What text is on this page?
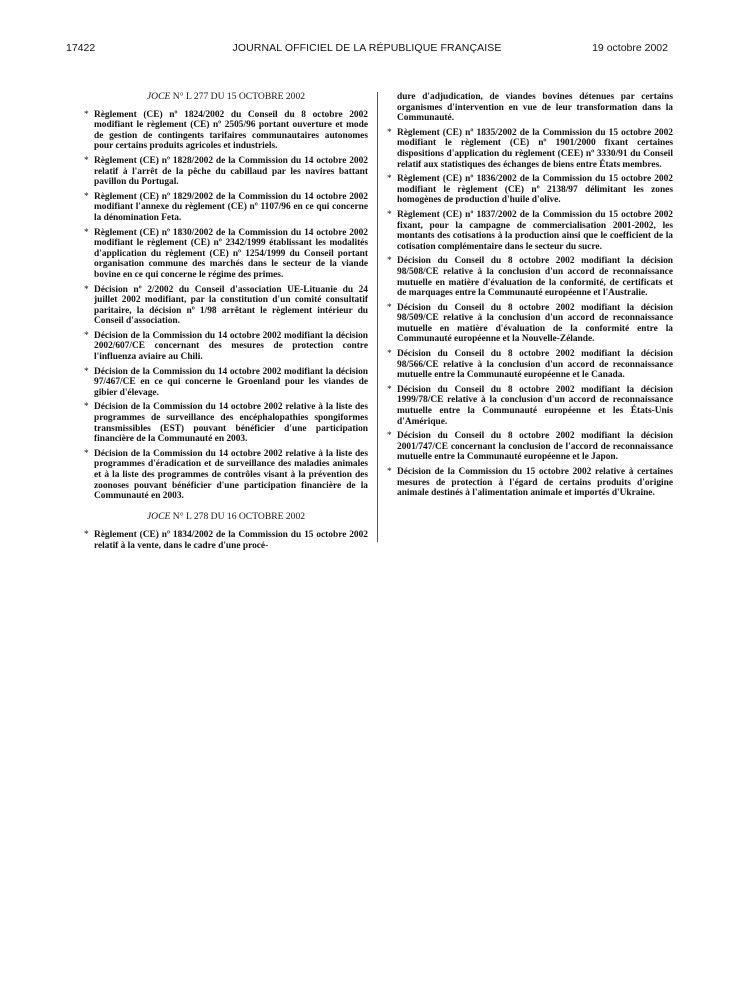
17422	JOURNAL OFFICIEL DE LA RÉPUBLIQUE FRANÇAISE	19 octobre 2002
JOCE N° L 277 DU 15 OCTOBRE 2002
* Règlement (CE) nº 1824/2002 du Conseil du 8 octobre 2002 modifiant le règlement (CE) nº 2505/96 portant ouverture et mode de gestion de contingents tarifaires communautaires autonomes pour certains produits agricoles et industriels.
* Règlement (CE) nº 1828/2002 de la Commission du 14 octobre 2002 relatif à l'arrêt de la pêche du cabillaud par les navires battant pavillon du Portugal.
* Règlement (CE) nº 1829/2002 de la Commission du 14 octobre 2002 modifiant l'annexe du règlement (CE) nº 1107/96 en ce qui concerne la dénomination Feta.
* Règlement (CE) nº 1830/2002 de la Commission du 14 octobre 2002 modifiant le règlement (CE) nº 2342/1999 établissant les modalités d'application du règlement (CE) nº 1254/1999 du Conseil portant organisation commune des marchés dans le secteur de la viande bovine en ce qui concerne le régime des primes.
* Décision nº 2/2002 du Conseil d'association UE-Lituanie du 24 juillet 2002 modifiant, par la constitution d'un comité consultatif paritaire, la décision nº 1/98 arrêtant le règlement intérieur du Conseil d'association.
* Décision de la Commission du 14 octobre 2002 modifiant la décision 2002/607/CE concernant des mesures de protection contre l'influenza aviaire au Chili.
* Décision de la Commission du 14 octobre 2002 modifiant la décision 97/467/CE en ce qui concerne le Groenland pour les viandes de gibier d'élevage.
* Décision de la Commission du 14 octobre 2002 relative à la liste des programmes de surveillance des encéphalopathies spongiformes transmissibles (EST) pouvant bénéficier d'une participation financière de la Communauté en 2003.
* Décision de la Commission du 14 octobre 2002 relative à la liste des programmes d'éradication et de surveillance des maladies animales et à la liste des programmes de contrôles visant à la prévention des zoonoses pouvant bénéficier d'une participation financière de la Communauté en 2003.
JOCE N° L 278 DU 16 OCTOBRE 2002
* Règlement (CE) nº 1834/2002 de la Commission du 15 octobre 2002 relatif à la vente, dans le cadre d'une procé-
dure d'adjudication, de viandes bovines détenues par certains organismes d'intervention en vue de leur transformation dans la Communauté.
* Règlement (CE) nº 1835/2002 de la Commission du 15 octobre 2002 modifiant le règlement (CE) nº 1901/2000 fixant certaines dispositions d'application du règlement (CEE) nº 3330/91 du Conseil relatif aux statistiques des échanges de biens entre États membres.
* Règlement (CE) nº 1836/2002 de la Commission du 15 octobre 2002 modifiant le règlement (CE) nº 2138/97 délimitant les zones homogènes de production d'huile d'olive.
* Règlement (CE) nº 1837/2002 de la Commission du 15 octobre 2002 fixant, pour la campagne de commercialisation 2001-2002, les montants des cotisations à la production ainsi que le coefficient de la cotisation complémentaire dans le secteur du sucre.
* Décision du Conseil du 8 octobre 2002 modifiant la décision 98/508/CE relative à la conclusion d'un accord de reconnaissance mutuelle en matière d'évaluation de la conformité, de certificats et de marquages entre la Communauté européenne et l'Australie.
* Décision du Conseil du 8 octobre 2002 modifiant la décision 98/509/CE relative à la conclusion d'un accord de reconnaissance mutuelle en matière d'évaluation de la conformité entre la Communauté européenne et la Nouvelle-Zélande.
* Décision du Conseil du 8 octobre 2002 modifiant la décision 98/566/CE relative à la conclusion d'un accord de reconnaissance mutuelle entre la Communauté européenne et le Canada.
* Décision du Conseil du 8 octobre 2002 modifiant la décision 1999/78/CE relative à la conclusion d'un accord de reconnaissance mutuelle entre la Communauté européenne et les États-Unis d'Amérique.
* Décision du Conseil du 8 octobre 2002 modifiant la décision 2001/747/CE concernant la conclusion de l'accord de reconnaissance mutuelle entre la Communauté européenne et le Japon.
* Décision de la Commission du 15 octobre 2002 relative à certaines mesures de protection à l'égard de certains produits d'origine animale destinés à l'alimentation animale et importés d'Ukraine.
